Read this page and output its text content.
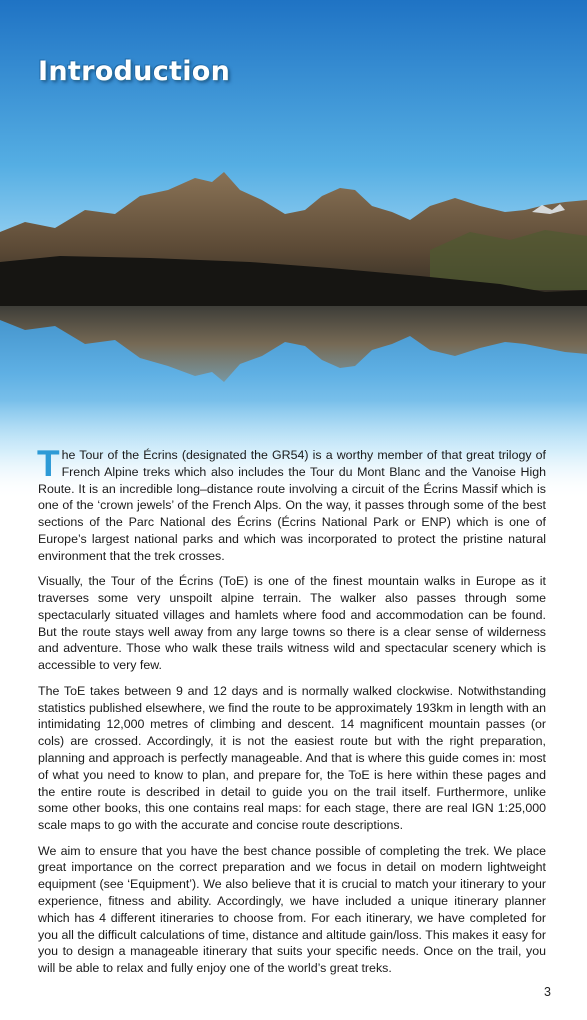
Introduction

The Tour of the Écrins (designated the GR54) is a worthy member of that great trilogy of French Alpine treks which also includes the Tour du Mont Blanc and the Vanoise High Route. It is an incredible long–distance route involving a circuit of the Écrins Massif which is one of the ‘crown jewels’ of the French Alps. On the way, it passes through some of the best sections of the Parc National des Écrins (Écrins National Park or ENP) which is one of Europe’s largest national parks and which was incorporated to protect the pristine natural environment that the trek crosses.

Visually, the Tour of the Écrins (ToE) is one of the finest mountain walks in Europe as it traverses some very unspoilt alpine terrain. The walker also passes through some spectacularly situated villages and hamlets where food and accommodation can be found. But the route stays well away from any large towns so there is a clear sense of wilderness and adventure. Those who walk these trails witness wild and spectacular scenery which is accessible to very few.

The ToE takes between 9 and 12 days and is normally walked clockwise. Notwithstanding statistics published elsewhere, we find the route to be approximately 193km in length with an intimidating 12,000 metres of climbing and descent. 14 magnificent mountain passes (or cols) are crossed. Accordingly, it is not the easiest route but with the right preparation, planning and approach is perfectly manageable. And that is where this guide comes in: most of what you need to know to plan, and prepare for, the ToE is here within these pages and the entire route is described in detail to guide you on the trail itself. Furthermore, unlike some other books, this one contains real maps: for each stage, there are real IGN 1:25,000 scale maps to go with the accurate and concise route descriptions.

We aim to ensure that you have the best chance possible of completing the trek. We place great importance on the correct preparation and we focus in detail on modern lightweight equipment (see ‘Equipment’). We also believe that it is crucial to match your itinerary to your experience, fitness and ability. Accordingly, we have included a unique itinerary planner which has 4 different itineraries to choose from. For each itinerary, we have completed for you all the difficult calculations of time, distance and altitude gain/loss. This makes it easy for you to design a manageable itinerary that suits your specific needs. Once on the trail, you will be able to relax and fully enjoy one of the world’s great treks.

3
